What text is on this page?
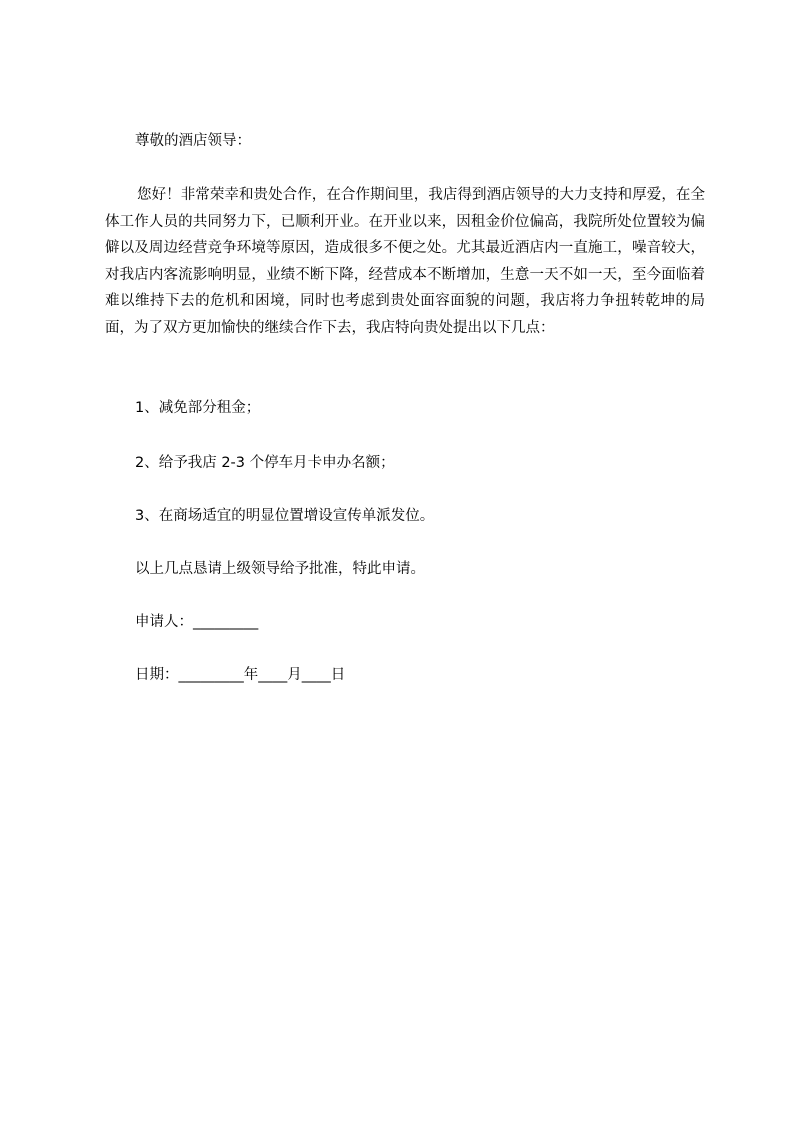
尊敬的酒店领导：
您好！非常荣幸和贵处合作，在合作期间里，我店得到酒店领导的大力支持和厚爱，在全体工作人员的共同努力下，已顺利开业。在开业以来，因租金价位偏高，我院所处位置较为偏僻以及周边经营竞争环境等原因，造成很多不便之处。尤其最近酒店内一直施工，噪音较大，对我店内客流影响明显，业绩不断下降，经营成本不断增加，生意一天不如一天，至今面临着难以维持下去的危机和困境，同时也考虑到贵处面容面貌的问题，我店将力争扭转乾坤的局面，为了双方更加愉快的继续合作下去，我店特向贵处提出以下几点：
1、减免部分租金；
2、给予我店 2-3 个停车月卡申办名额；
3、在商场适宜的明显位置增设宣传单派发位。
以上几点恳请上级领导给予批准，特此申请。
申请人：_________
日期：_________年____月____日
